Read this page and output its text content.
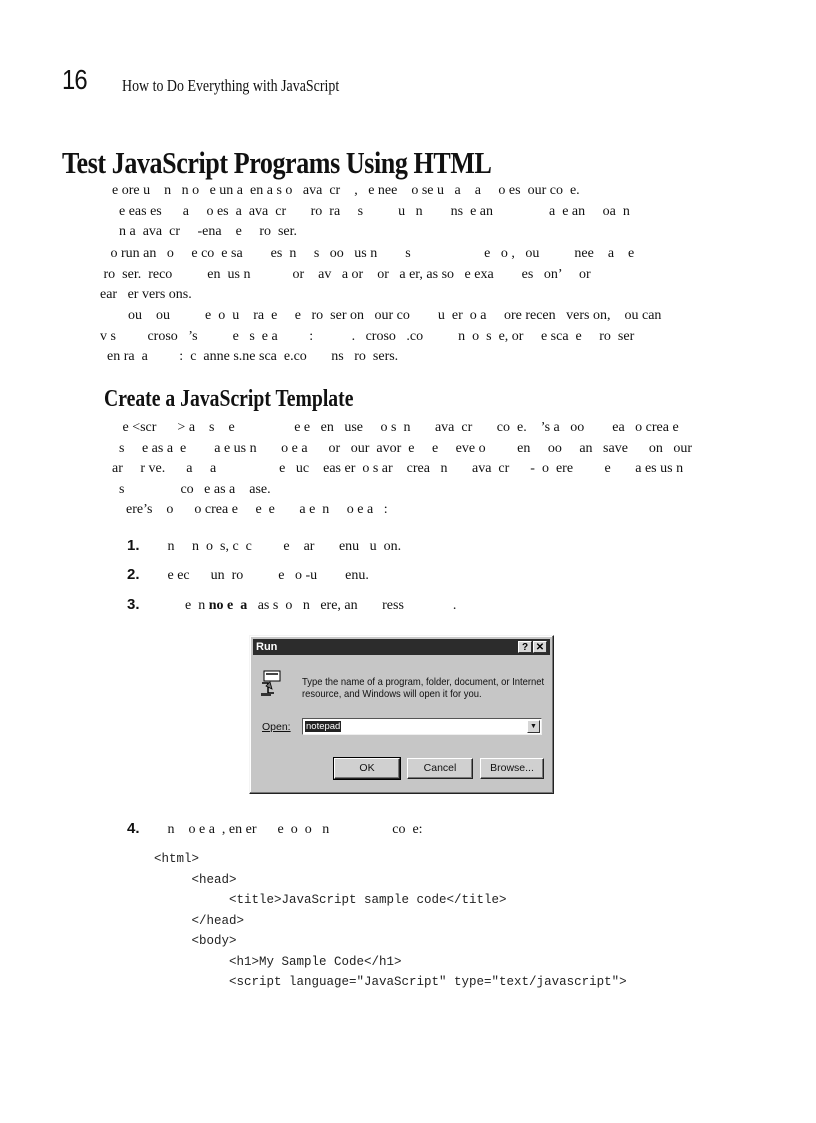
16 How to Do Everything with JavaScript
Test JavaScript Programs Using HTML
e ore u    n   n o   e un a  en a s o   ava  cr    ,   e nee    o se u   a    a     o es  our co  e.
e eas es      a     o es  a  ava  cr       ro  ra     s          u   n        ns  e an                a  e an     oa  n
n a  ava  cr     -ena    e     ro  ser.
o run an   o     e co  e sa        es  n     s   oo   us n        s                     e   o ,   ou          nee    a    e
ro  ser.  reco          en  us n            or    av   a or    or   a er, as so   e exa        es   on’     or
ear   er vers ons.
ou    ou          e  o  u    ra  e     e   ro  ser on   our co        u  er  o a     ore recen   vers on,    ou can
v s         croso   ’s          e   s  e a         :           .   croso   .co          n  o  s  e, or     e sca  e     ro  ser
en ra  a         :  c  anne s.ne sca  e.co       ns   ro  sers.
Create a JavaScript Template
e <scr      > a    s    e                 e e   en   use     o s  n       ava  cr       co  e.    ’s a   oo        ea   o crea e
s     e as a  e        a e us n       o e a      or   our  avor  e     e     eve o         en     oo     an   save      on   our
ar     r ve.      a     a                  e   uc    eas er  o s ar    crea   n       ava  cr      -  o  ere         e       a es us n
s                co   e as a    ase.
ere’s    o      o crea e     e  e       a e  n     o e a   :
1.   n     n  o  s, c  c         e    ar       enu   u  on.
2.   e ec      un  ro          e   o -u        enu.
3.        e  n no e  a   as s  o   n   ere, an       ress              .
Run	? ✕
Type the name of a program, folder, document, or Internet
resource, and Windows will open it for you.
Open: notepad	▼
OK	Cancel	Browse...
4.   n    o e a  , en er      e  o  o   n                  co  e:
<html>
<head>
<title>JavaScript sample code</title>
</head>
<body>
<h1>My Sample Code</h1>
<script language="JavaScript" type="text/javascript">
